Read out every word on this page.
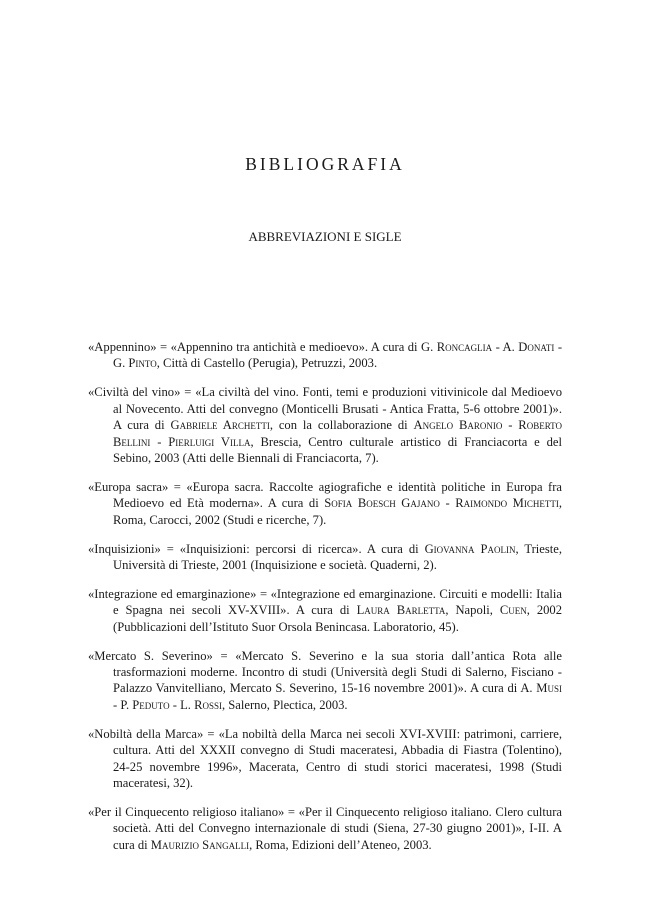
BIBLIOGRAFIA
ABBREVIAZIONI E SIGLE
«Appennino» = «Appennino tra antichità e medioevo». A cura di G. Roncaglia - A. Donati - G. Pinto, Città di Castello (Perugia), Petruzzi, 2003.
«Civiltà del vino» = «La civiltà del vino. Fonti, temi e produzioni vitivinicole dal Medioevo al Novecento. Atti del convegno (Monticelli Brusati - Antica Fratta, 5-6 ottobre 2001)». A cura di Gabriele Archetti, con la collaborazione di Angelo Baronio - Roberto Bellini - Pierluigi Villa, Brescia, Centro culturale artistico di Franciacorta e del Sebino, 2003 (Atti delle Biennali di Franciacorta, 7).
«Europa sacra» = «Europa sacra. Raccolte agiografiche e identità politiche in Europa fra Medioevo ed Età moderna». A cura di Sofia Boesch Gajano - Raimondo Michetti, Roma, Carocci, 2002 (Studi e ricerche, 7).
«Inquisizioni» = «Inquisizioni: percorsi di ricerca». A cura di Giovanna Paolin, Trieste, Università di Trieste, 2001 (Inquisizione e società. Quaderni, 2).
«Integrazione ed emarginazione» = «Integrazione ed emarginazione. Circuiti e modelli: Italia e Spagna nei secoli XV-XVIII». A cura di Laura Barletta, Napoli, Cuen, 2002 (Pubblicazioni dell’Istituto Suor Orsola Benincasa. Laboratorio, 45).
«Mercato S. Severino» = «Mercato S. Severino e la sua storia dall’antica Rota alle trasformazioni moderne. Incontro di studi (Università degli Studi di Salerno, Fisciano - Palazzo Vanvitelliano, Mercato S. Severino, 15-16 novembre 2001)». A cura di A. Musi - P. Peduto - L. Rossi, Salerno, Plectica, 2003.
«Nobiltà della Marca» = «La nobiltà della Marca nei secoli XVI-XVIII: patrimoni, carriere, cultura. Atti del XXXII convegno di Studi maceratesi, Abbadia di Fiastra (Tolentino), 24-25 novembre 1996», Macerata, Centro di studi storici maceratesi, 1998 (Studi maceratesi, 32).
«Per il Cinquecento religioso italiano» = «Per il Cinquecento religioso italiano. Clero cultura società. Atti del Convegno internazionale di studi (Siena, 27-30 giugno 2001)», I-II. A cura di Maurizio Sangalli, Roma, Edizioni dell’Ateneo, 2003.
